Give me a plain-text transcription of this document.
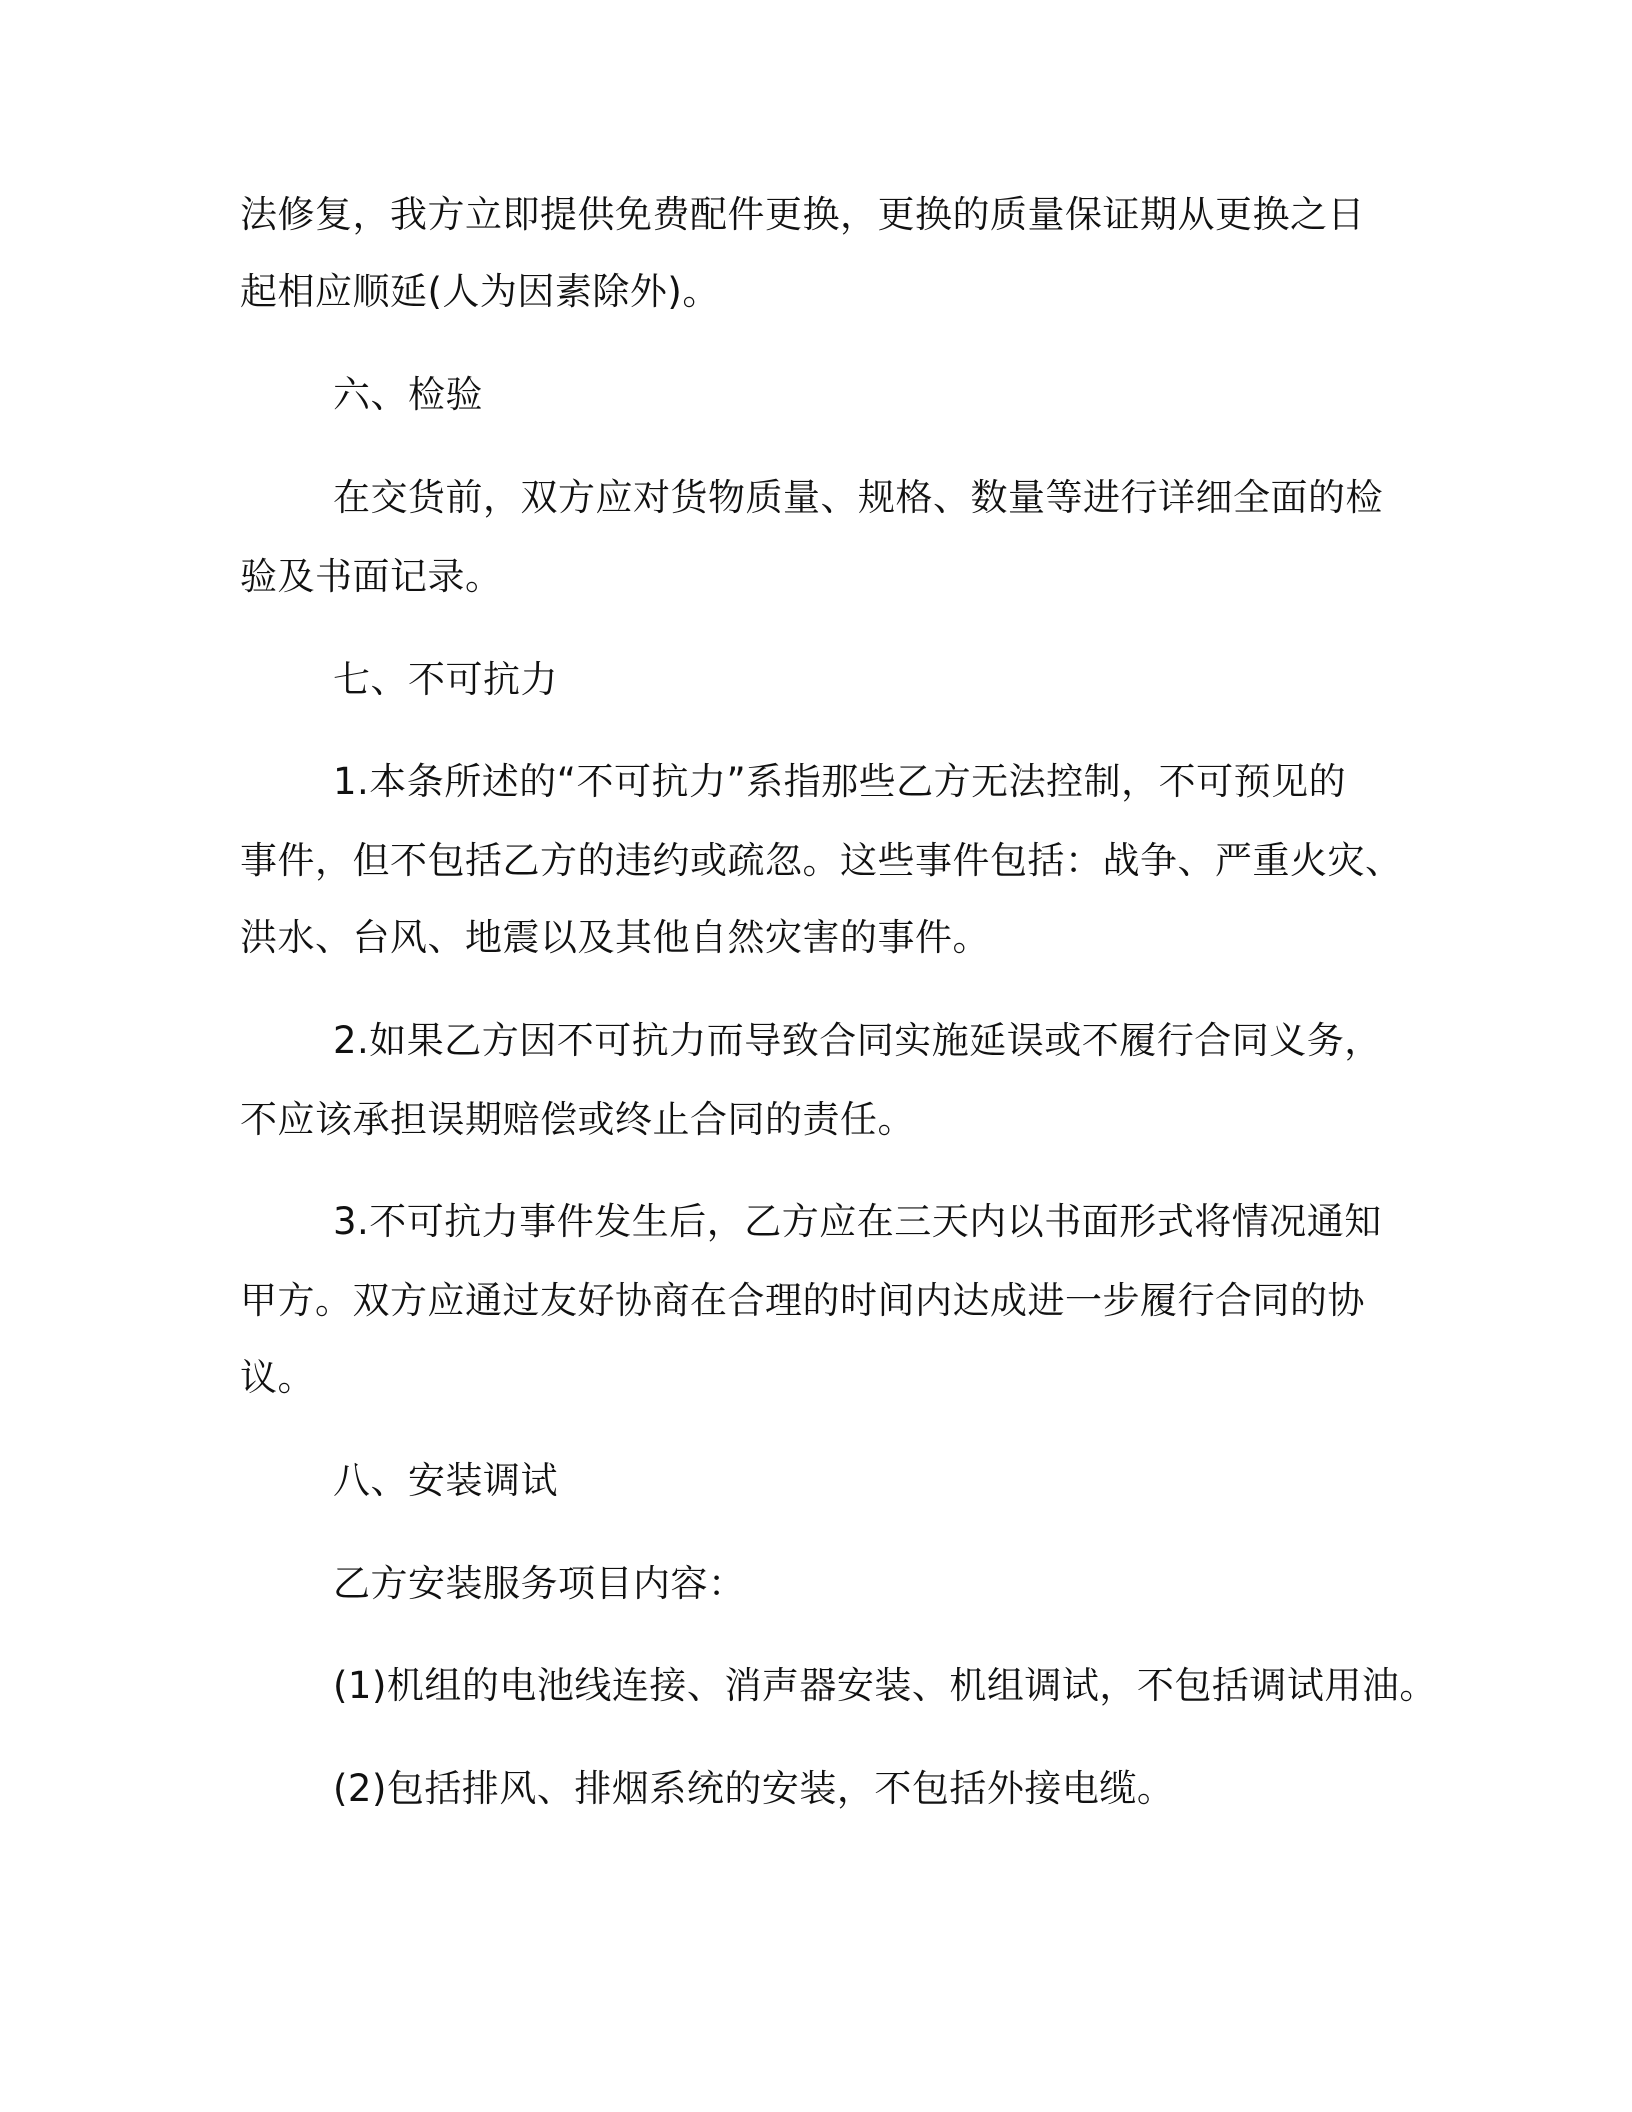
法修复，我方立即提供免费配件更换，更换的质量保证期从更换之日
起相应顺延(人为因素除外)。
六、检验
在交货前，双方应对货物质量、规格、数量等进行详细全面的检
验及书面记录。
七、不可抗力
1.本条所述的“不可抗力”系指那些乙方无法控制，不可预见的
事件，但不包括乙方的违约或疏忽。这些事件包括：战争、严重火灾、
洪水、台风、地震以及其他自然灾害的事件。
2.如果乙方因不可抗力而导致合同实施延误或不履行合同义务，
不应该承担误期赔偿或终止合同的责任。
3.不可抗力事件发生后，乙方应在三天内以书面形式将情况通知
甲方。双方应通过友好协商在合理的时间内达成进一步履行合同的协
议。
八、安装调试
乙方安装服务项目内容：
(1)机组的电池线连接、消声器安装、机组调试，不包括调试用油。
(2)包括排风、排烟系统的安装，不包括外接电缆。
